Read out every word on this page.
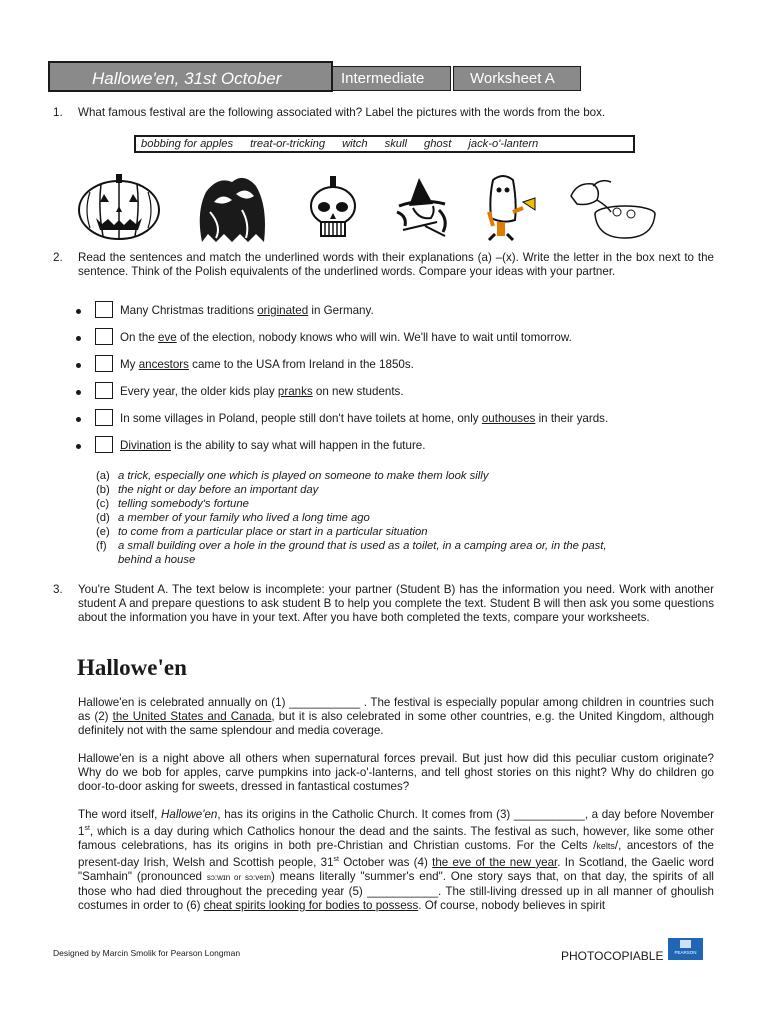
Hallowe'en, 31st October	Intermediate	Worksheet A
1. What famous festival are the following associated with? Label the pictures with the words from the box.
bobbing for apples treat-or-tricking witch skull ghost jack-o'-lantern
2. Read the sentences and match the underlined words with their explanations (a) –(x). Write the letter in the box next to the sentence. Think of the Polish equivalents of the underlined words. Compare your ideas with your partner.
Many Christmas traditions originated in Germany.
On the eve of the election, nobody knows who will win. We'll have to wait until tomorrow.
My ancestors came to the USA from Ireland in the 1850s.
Every year, the older kids play pranks on new students.
In some villages in Poland, people still don't have toilets at home, only outhouses in their yards.
Divination is the ability to say what will happen in the future.
(a) a trick, especially one which is played on someone to make them look silly
(b) the night or day before an important day
(c) telling somebody's fortune
(d) a member of your family who lived a long time ago
(e) to come from a particular place or start in a particular situation
(f)	a small building over a hole in the ground that is used as a toilet, in a camping area or, in the past,
behind a house
3. You're Student A. The text below is incomplete: your partner (Student B) has the information you need. Work with another student A and prepare questions to ask student B to help you complete the text. Student B will then ask you some questions about the information you have in your text. After you have both completed the texts, compare your worksheets.
Hallowe'en
Hallowe'en is celebrated annually on (1) ___________ . The festival is especially popular among children in countries such as (2) the United States and Canada, but it is also celebrated in some other countries, e.g. the United Kingdom, although definitely not with the same splendour and media coverage.
Hallowe'en is a night above all others when supernatural forces prevail. But just how did this peculiar custom originate? Why do we bob for apples, carve pumpkins into jack-o'-lanterns, and tell ghost stories on this night? Why do children go door-to-door asking for sweets, dressed in fantastical costumes?
The word itself, Hallowe'en, has its origins in the Catholic Church. It comes from (3) ___________, a day before November 1st, which is a day during which Catholics honour the dead and the saints. The festival as such, however, like some other famous celebrations, has its origins in both pre-Christian and Christian customs. For the Celts /kelts/, ancestors of the present-day Irish, Welsh and Scottish people, 31st October was (4) the eve of the new year. In Scotland, the Gaelic word "Samhain" (pronounced sɔ:wɪn or sɔ:veɪn) means literally "summer's end". One story says that, on that day, the spirits of all those who had died throughout the preceding year (5) ___________. The still-living dressed up in all manner of ghoulish costumes in order to (6) cheat spirits looking for bodies to possess. Of course, nobody believes in spirit
Designed by Marcin Smolik for Pearson Longman	PHOTOCOPIABLE PEARSON
